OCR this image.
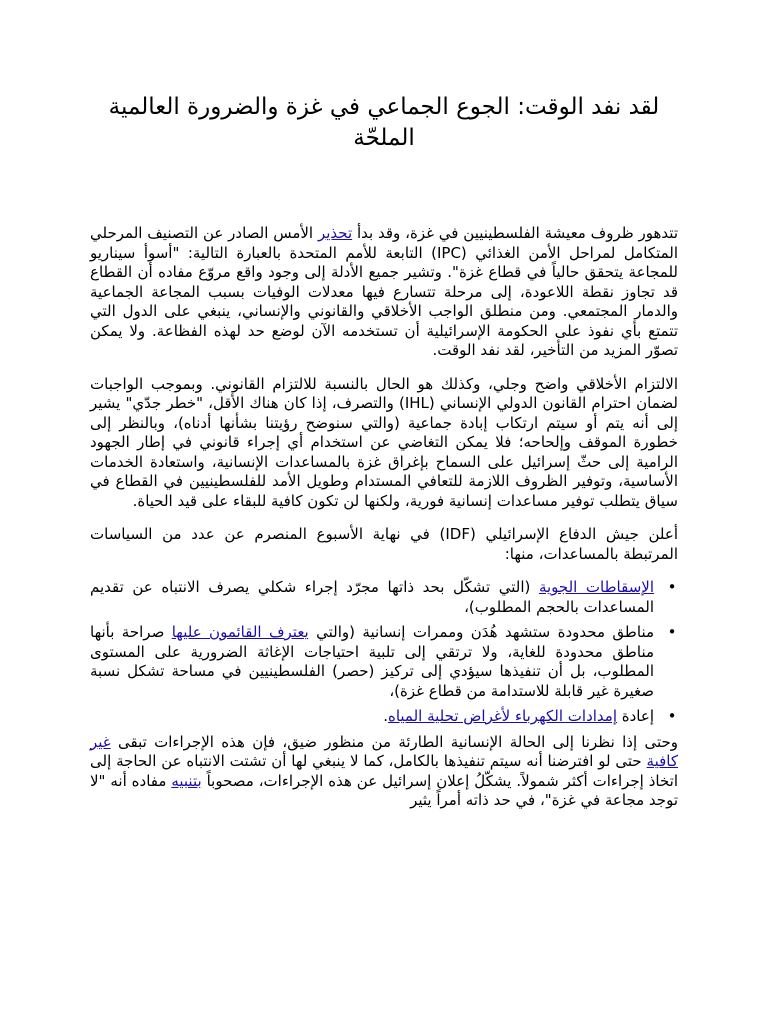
لقد نفد الوقت: الجوع الجماعي في غزة والضرورة العالمية الملحّة

تتدهور ظروف معيشة الفلسطينيين في غزة، وقد بدأ تحذير الأمس الصادر عن التصنيف المرحلي المتكامل لمراحل الأمن الغذائي (IPC) التابعة للأمم المتحدة بالعبارة التالية: "أسوأ سيناريو للمجاعة يتحقق حالياً في قطاع غزة". وتشير جميع الأدلة إلى وجود واقع مروّع مفاده أن القطاع قد تجاوز نقطة اللاعودة، إلى مرحلة تتسارع فيها معدلات الوفيات بسبب المجاعة الجماعية والدمار المجتمعي. ومن منطلق الواجب الأخلاقي والقانوني والإنساني، ينبغي على الدول التي تتمتع بأي نفوذ على الحكومة الإسرائيلية أن تستخدمه الآن لوضع حد لهذه الفظاعة. ولا يمكن تصوّر المزيد من التأخير، لقد نفد الوقت.

الالتزام الأخلاقي واضح وجلي، وكذلك هو الحال بالنسبة للالتزام القانوني. وبموجب الواجبات لضمان احترام القانون الدولي الإنساني (IHL) والتصرف، إذا كان هناك الأقل، "خطر جدّي" يشير إلى أنه يتم أو سيتم ارتكاب إبادة جماعية (والتي سنوضح رؤيتنا بشأنها أدناه)، وبالنظر إلى خطورة الموقف وإلحاحه؛ فلا يمكن التغاضي عن استخدام أي إجراء قانوني في إطار الجهود الرامية إلى حثّ إسرائيل على السماح بإغراق غزة بالمساعدات الإنسانية، واستعادة الخدمات الأساسية، وتوفير الظروف اللازمة للتعافي المستدام وطويل الأمد للفلسطينيين في القطاع في سياق يتطلب توفير مساعدات إنسانية فورية، ولكنها لن تكون كافية للبقاء على قيد الحياة.

أعلن جيش الدفاع الإسرائيلي (IDF) في نهاية الأسبوع المنصرم عن عدد من السياسات المرتبطة بالمساعدات، منها:

•
الإسقاطات الجوية (التي تشكّل بحد ذاتها مجرّد إجراء شكلي يصرف الانتباه عن تقديم المساعدات بالحجم المطلوب)،
•
مناطق محدودة ستشهد هُدَن وممرات إنسانية (والتي يعترف القائمون عليها صراحة بأنها مناطق محدودة للغاية، ولا ترتقي إلى تلبية احتياجات الإغاثة الضرورية على المستوى المطلوب، بل أن تنفيذها سيؤدي إلى تركيز (حصر) الفلسطينيين في مساحة تشكل نسبة صغيرة غير قابلة للاستدامة من قطاع غزة)،
•
إعادة إمدادات الكهرباء لأغراض تحلية المياه.

وحتى إذا نظرنا إلى الحالة الإنسانية الطارئة من منظور ضيق، فإن هذه الإجراءات تبقى غير كافية حتى لو افترضنا أنه سيتم تنفيذها بالكامل، كما لا ينبغي لها أن تشتت الانتباه عن الحاجة إلى اتخاذ إجراءات أكثر شمولاً. يشكّلُ إعلان إسرائيل عن هذه الإجراءات، مصحوباً بتنبيه مفاده أنه "لا توجد مجاعة في غزة"، في حد ذاته أمراً يثير
